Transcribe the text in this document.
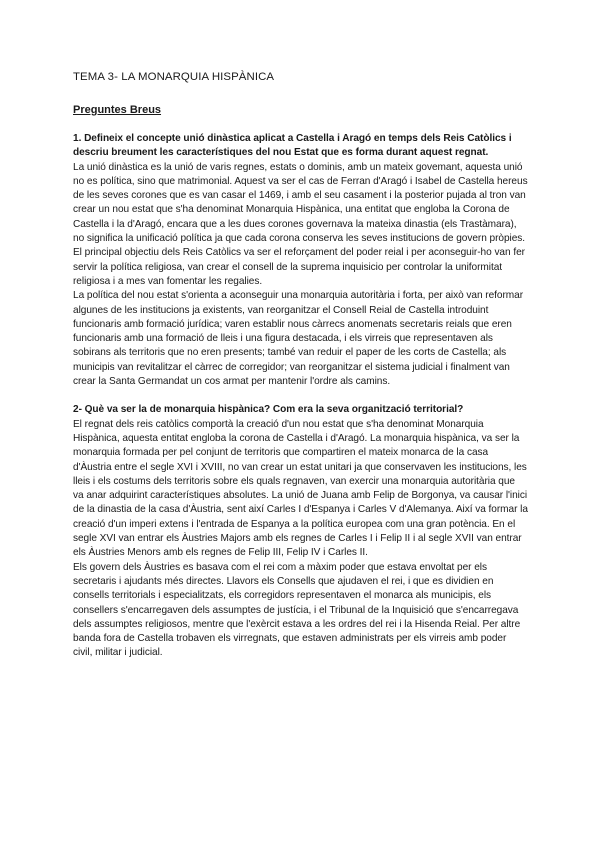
TEMA 3- LA MONARQUIA HISPÀNICA
Preguntes Breus

1. Defineix el concepte unió dinàstica aplicat a Castella i Aragó en temps dels Reis Catòlics i descriu breument les característiques del nou Estat que es forma durant aquest regnat.

La unió dinàstica es la unió de varis regnes, estats o dominis, amb un mateix govemant, aquesta unió no es política, sino que matrimonial. Aquest va ser el cas de Ferran d'Aragó i Isabel de Castella hereus de les seves corones que es van casar el 1469, i amb el seu casament i la posterior pujada al tron van crear un nou estat que s'ha denominat Monarquia Hispànica, una entitat que engloba la Corona de Castella i la d'Aragó, encara que a les dues corones governava la mateixa dinastia (els Trastàmara), no significa la unificació política ja que cada corona conserva les seves institucions de govern pròpies. El principal objectiu dels Reis Catòlics va ser el reforçament del poder reial i per aconseguir-ho van fer servir la política religiosa, van crear el consell de la suprema inquisicio per controlar la uniformitat religiosa i a mes van fomentar les regalies.

La política del nou estat s'orienta a aconseguir una monarquia autoritària i forta, per això van reformar algunes de les institucions ja existents, van reorganitzar el Consell Reial de Castella introduint funcionaris amb formació jurídica; varen establir nous càrrecs anomenats secretaris reials que eren funcionaris amb una formació de lleis i una figura destacada, i els virreis que representaven als sobirans als territoris que no eren presents; també van reduir el paper de les corts de Castella; als municipis van revitalitzar el càrrec de corregidor; van reorganitzar el sistema judicial i finalment van crear la Santa Germandat un cos armat per mantenir l'ordre als camins.

2- Què va ser la de monarquia hispànica? Com era la seva organització territorial?

El regnat dels reis catòlics comportà la creació d'un nou estat que s'ha denominat Monarquia Hispànica, aquesta entitat engloba la corona de Castella i d'Aragó. La monarquia hispànica, va ser la monarquia formada per pel conjunt de territoris que compartiren el mateix monarca de la casa d'Àustria entre el segle XVI i XVIII, no van crear un estat unitari ja que conservaven les institucions, les lleis i els costums dels territoris sobre els quals regnaven, van exercir una monarquia autoritària que va anar adquirint característiques absolutes. La unió de Juana amb Felip de Borgonya, va causar l'inici de la dinastia de la casa d'Àustria, sent així Carles I d'Espanya i Carles V d'Alemanya. Així va formar la creació d'un imperi extens i l'entrada de Espanya a la política europea com una gran potència. En el segle XVI van entrar els Àustries Majors amb els regnes de Carles I i Felip II i al segle XVII van entrar els Àustries Menors amb els regnes de Felip III, Felip IV i Carles II.

Els govern dels Àustries es basava com el rei com a màxim poder que estava envoltat per els secretaris i ajudants més directes. Llavors els Consells que ajudaven el rei, i que es dividien en consells territorials i especialitzats, els corregidors representaven el monarca als municipis, els consellers s'encarregaven dels assumptes de justícia, i el Tribunal de la Inquisició que s'encarregava dels assumptes religiosos, mentre que l'exèrcit estava a les ordres del rei i la Hisenda Reial. Per altre banda fora de Castella trobaven els virregnats, que estaven administrats per els virreis amb poder civil, militar i judicial.
